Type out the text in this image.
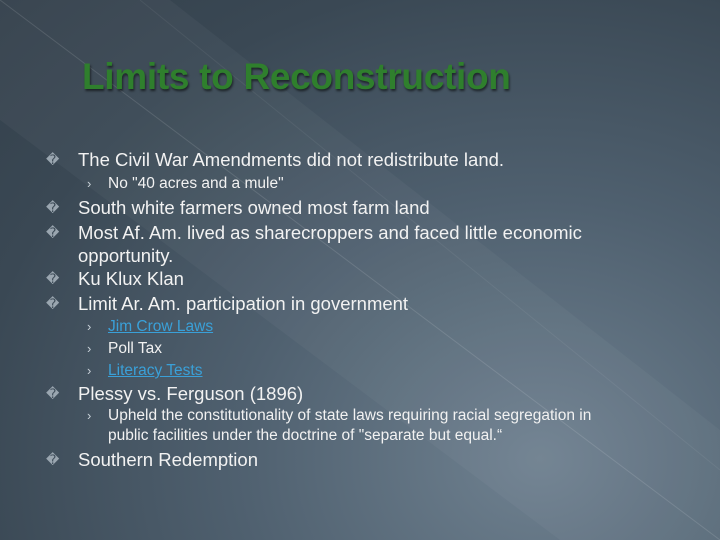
Limits to Reconstruction
� The Civil War Amendments did not redistribute land.
› No "40 acres and a mule"
� South white farmers owned most farm land
� Most Af. Am. lived as sharecroppers and faced little economic
opportunity.
� Ku Klux Klan
� Limit Ar. Am. participation in government
› Jim Crow Laws
› Poll Tax
› Literacy Tests
� Plessy vs. Ferguson (1896)
› Upheld the constitutionality of state laws requiring racial segregation in
public facilities under the doctrine of "separate but equal.“
� Southern Redemption
